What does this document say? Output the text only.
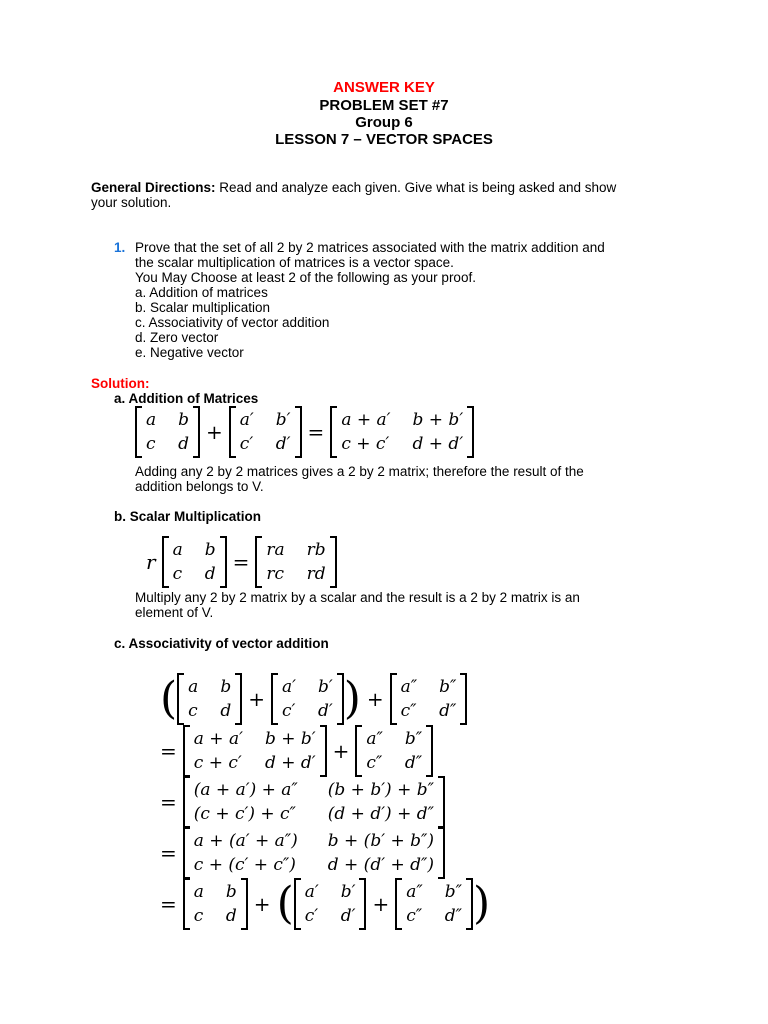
ANSWER KEY
PROBLEM SET #7
Group 6
LESSON 7 – VECTOR SPACES
General Directions: Read and analyze each given. Give what is being asked and show
your solution.
1. Prove that the set of all 2 by 2 matrices associated with the matrix addition and
the scalar multiplication of matrices is a vector space.
You May Choose at least 2 of the following as your proof.
a. Addition of matrices
b. Scalar multiplication
c. Associativity of vector addition
d. Zero vector
e. Negative vector
Solution:
a. Addition of Matrices
a b
c d + a′ b′
c′ d′ = a + a′ b + b′
c + c′ d + d′
Adding any 2 by 2 matrices gives a 2 by 2 matrix; therefore the result of the
addition belongs to V.
b. Scalar Multiplication
r a b
c d = ra rb
rc rd
Multiply any 2 by 2 matrix by a scalar and the result is a 2 by 2 matrix is an
element of V.
c. Associativity of vector addition
( a b
c d + a′ b′
c′ d′ ) + a″ b″
c″ d″
= a + a′ b + b′
c + c′ d + d′ + a″ b″
c″ d″
= (a + a′) + a″ (b + b′) + b″
(c + c′) + c″ (d + d′) + d″
= a + (a′ + a″) b + (b′ + b″)
c + (c′ + c″) d + (d′ + d″)
= a b
c d + ( a′ b′
c′ d′ + a″ b″
c″ d″ )
